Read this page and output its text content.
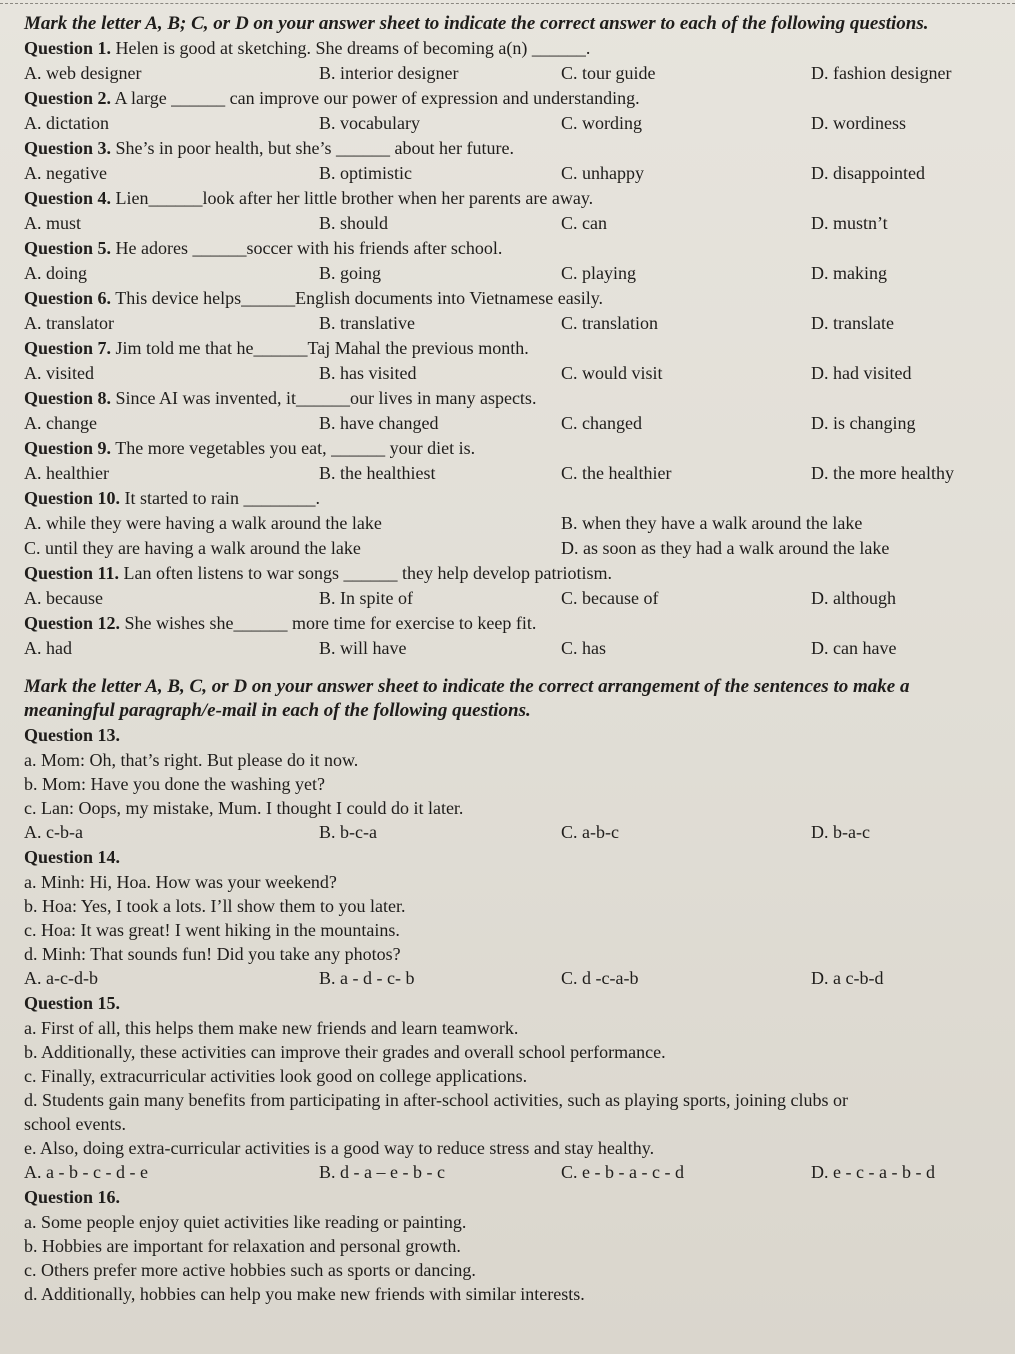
Mark the letter A, B; C, or D on your answer sheet to indicate the correct answer to each of the following questions.

Question 1. Helen is good at sketching. She dreams of becoming a(n) ______.

A. web designer	B. interior designer	C. tour guide	D. fashion designer

Question 2. A large ______ can improve our power of expression and understanding.

A. dictation	B. vocabulary	C. wording	D. wordiness

Question 3. She’s in poor health, but she’s ______ about her future.

A. negative	B. optimistic	C. unhappy	D. disappointed

Question 4. Lien______look after her little brother when her parents are away.

A. must	B. should	C. can	D. mustn’t

Question 5. He adores ______soccer with his friends after school.

A. doing	B. going	C. playing	D. making

Question 6. This device helps______English documents into Vietnamese easily.

A. translator	B. translative	C. translation	D. translate

Question 7. Jim told me that he______Taj Mahal the previous month.

A. visited	B. has visited	C. would visit	D. had visited

Question 8. Since AI was invented, it______our lives in many aspects.

A. change	B. have changed	C. changed	D. is changing

Question 9. The more vegetables you eat, ______ your diet is.

A. healthier	B. the healthiest	C. the healthier	D. the more healthy

Question 10. It started to rain ________.

A. while they were having a walk around the lake	B. when they have a walk around the lake
C. until they are having a walk around the lake	D. as soon as they had a walk around the lake

Question 11. Lan often listens to war songs ______ they help develop patriotism.

A. because	B. In spite of	C. because of	D. although

Question 12. She wishes she______ more time for exercise to keep fit.

A. had	B. will have	C. has	D. can have

Mark the letter A, B, C, or D on your answer sheet to indicate the correct arrangement of the sentences to make a meaningful paragraph/e-mail in each of the following questions.

Question 13.

a. Mom: Oh, that’s right. But please do it now.

b. Mom: Have you done the washing yet?

c. Lan: Oops, my mistake, Mum. I thought I could do it later.

A. c-b-a	B. b-c-a	C. a-b-c	D. b-a-c

Question 14.

a. Minh: Hi, Hoa. How was your weekend?

b. Hoa: Yes, I took a lots. I’ll show them to you later.

c. Hoa: It was great! I went hiking in the mountains.

d. Minh: That sounds fun! Did you take any photos?

A. a-c-d-b	B. a - d - c- b	C. d -c-a-b	D. a c-b-d

Question 15.

a. First of all, this helps them make new friends and learn teamwork.

b. Additionally, these activities can improve their grades and overall school performance.

c. Finally, extracurricular activities look good on college applications.

d. Students gain many benefits from participating in after-school activities, such as playing sports, joining clubs or

school events.

e. Also, doing extra-curricular activities is a good way to reduce stress and stay healthy.

A. a - b - c - d - e	B. d - a – e - b - c	C. e - b - a - c - d	D. e - c - a - b - d

Question 16.

a. Some people enjoy quiet activities like reading or painting.

b. Hobbies are important for relaxation and personal growth.

c. Others prefer more active hobbies such as sports or dancing.

d. Additionally, hobbies can help you make new friends with similar interests.
